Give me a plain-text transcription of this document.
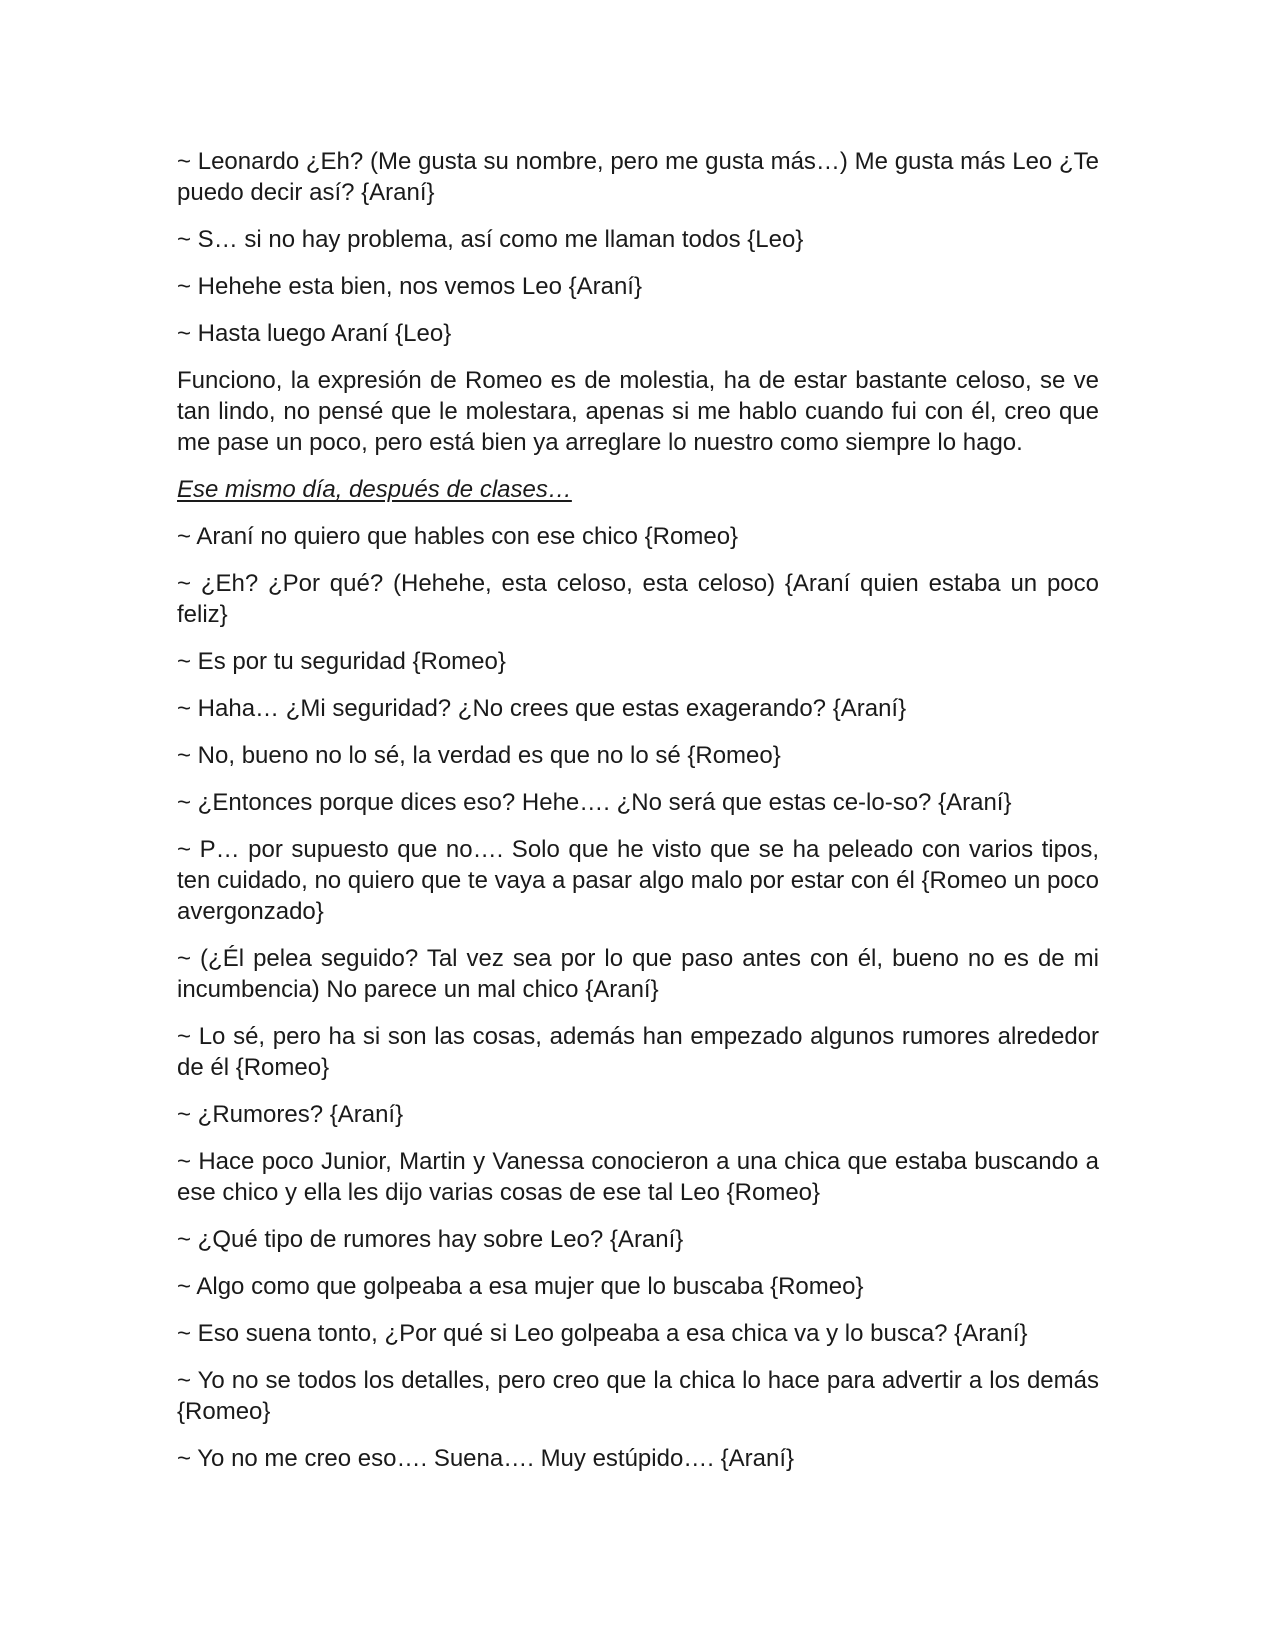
~ Leonardo ¿Eh? (Me gusta su nombre, pero me gusta más…) Me gusta más Leo ¿Te puedo decir así? {Araní}

~ S… si no hay problema, así como me llaman todos {Leo}

~ Hehehe esta bien, nos vemos Leo {Araní}

~ Hasta luego Araní {Leo}

Funciono, la expresión de Romeo es de molestia, ha de estar bastante celoso, se ve tan lindo, no pensé que le molestara, apenas si me hablo cuando fui con él, creo que me pase un poco, pero está bien ya arreglare lo nuestro como siempre lo hago.

Ese mismo día, después de clases…

~ Araní no quiero que hables con ese chico {Romeo}

~ ¿Eh? ¿Por qué? (Hehehe, esta celoso, esta celoso) {Araní quien estaba un poco feliz}

~ Es por tu seguridad {Romeo}

~ Haha… ¿Mi seguridad? ¿No crees que estas exagerando? {Araní}

~ No, bueno no lo sé, la verdad es que no lo sé {Romeo}

~ ¿Entonces porque dices eso? Hehe…. ¿No será que estas ce-lo-so? {Araní}

~ P… por supuesto que no…. Solo que he visto que se ha peleado con varios tipos, ten cuidado, no quiero que te vaya a pasar algo malo por estar con él {Romeo un poco avergonzado}

~ (¿Él pelea seguido? Tal vez sea por lo que paso antes con él, bueno no es de mi incumbencia) No parece un mal chico {Araní}

~ Lo sé, pero ha si son las cosas, además han empezado algunos rumores alrededor de él {Romeo}

~ ¿Rumores? {Araní}

~ Hace poco Junior, Martin y Vanessa conocieron a una chica que estaba buscando a ese chico y ella les dijo varias cosas de ese tal Leo {Romeo}

~ ¿Qué tipo de rumores hay sobre Leo? {Araní}

~ Algo como que golpeaba a esa mujer que lo buscaba {Romeo}

~ Eso suena tonto, ¿Por qué si Leo golpeaba a esa chica va y lo busca? {Araní}

~ Yo no se todos los detalles, pero creo que la chica lo hace para advertir a los demás {Romeo}

~ Yo no me creo eso…. Suena…. Muy estúpido…. {Araní}
